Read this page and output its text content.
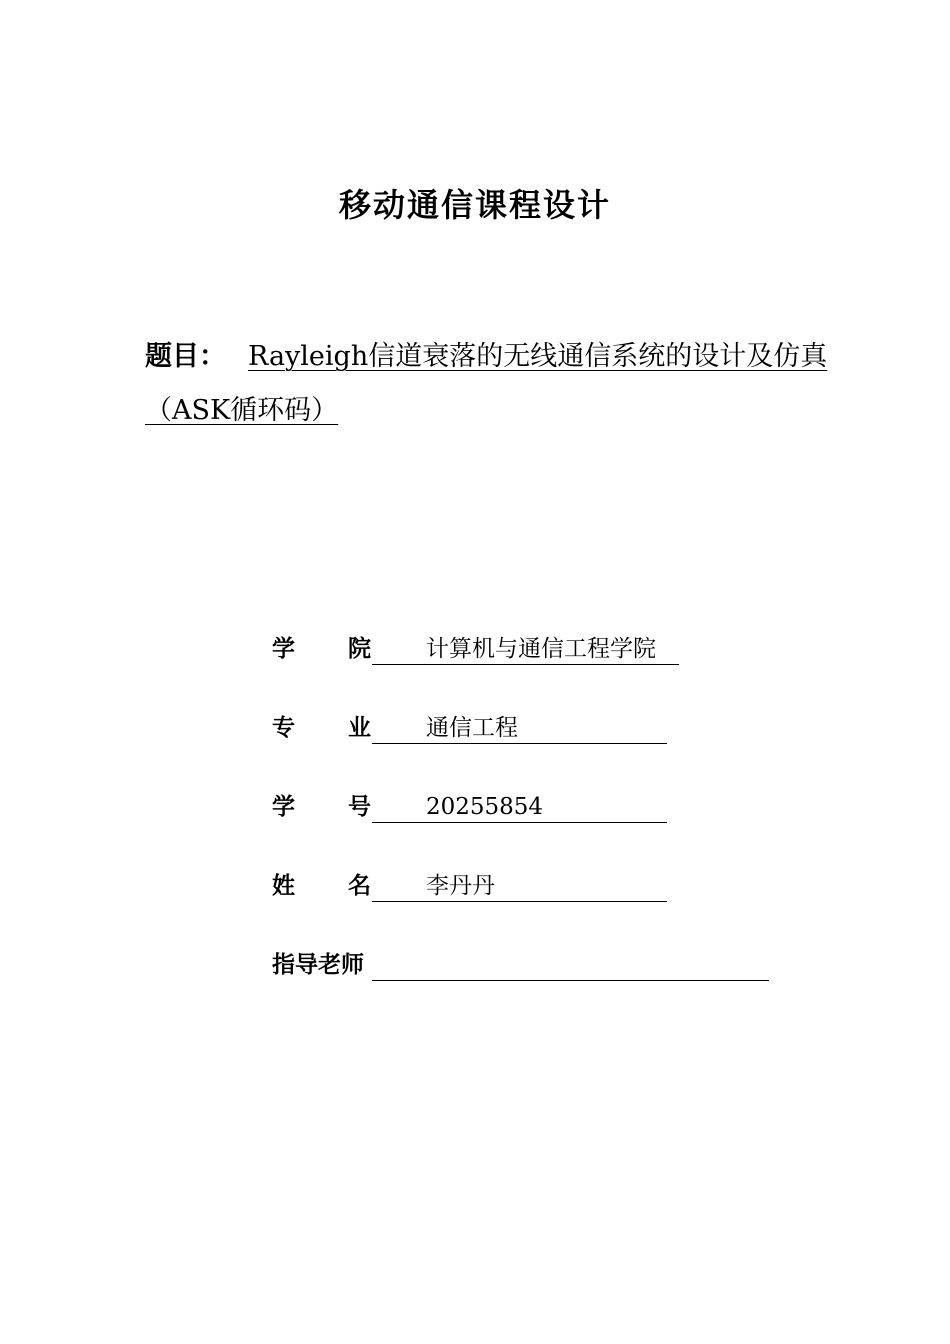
移动通信课程设计
题目： Rayleigh信道衰落的无线通信系统的设计及仿真（ASK循环码）
学 院 计算机与通信工程学院
专 业 通信工程
学 号 20255854
姓 名 李丹丹
指导老师
